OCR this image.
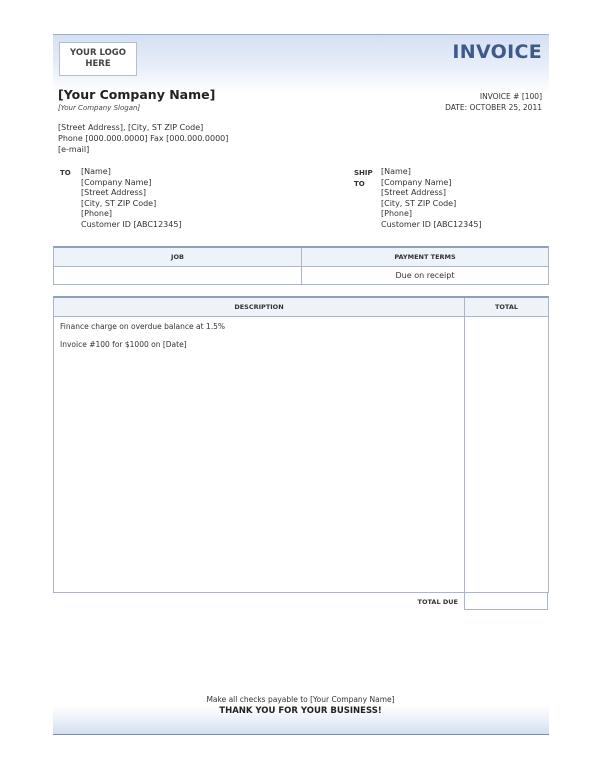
YOUR LOGO
HERE
INVOICE
[Your Company Name]
[Your Company Slogan]
[Street Address], [City, ST ZIP Code]
Phone [000.000.0000] Fax [000.000.0000]
[e-mail]
INVOICE # [100]
DATE: OCTOBER 25, 2011
TO [Name]
[Company Name]
[Street Address]
[City, ST ZIP Code]
[Phone]
Customer ID [ABC12345]
SHIP
TO
[Name]
[Company Name]
[Street Address]
[City, ST ZIP Code]
[Phone]
Customer ID [ABC12345]
JOB	PAYMENT TERMS
Due on receipt
DESCRIPTION	TOTAL
Finance charge on overdue balance at 1.5%
Invoice #100 for $1000 on [Date]
TOTAL DUE
Make all checks payable to [Your Company Name]
THANK YOU FOR YOUR BUSINESS!
